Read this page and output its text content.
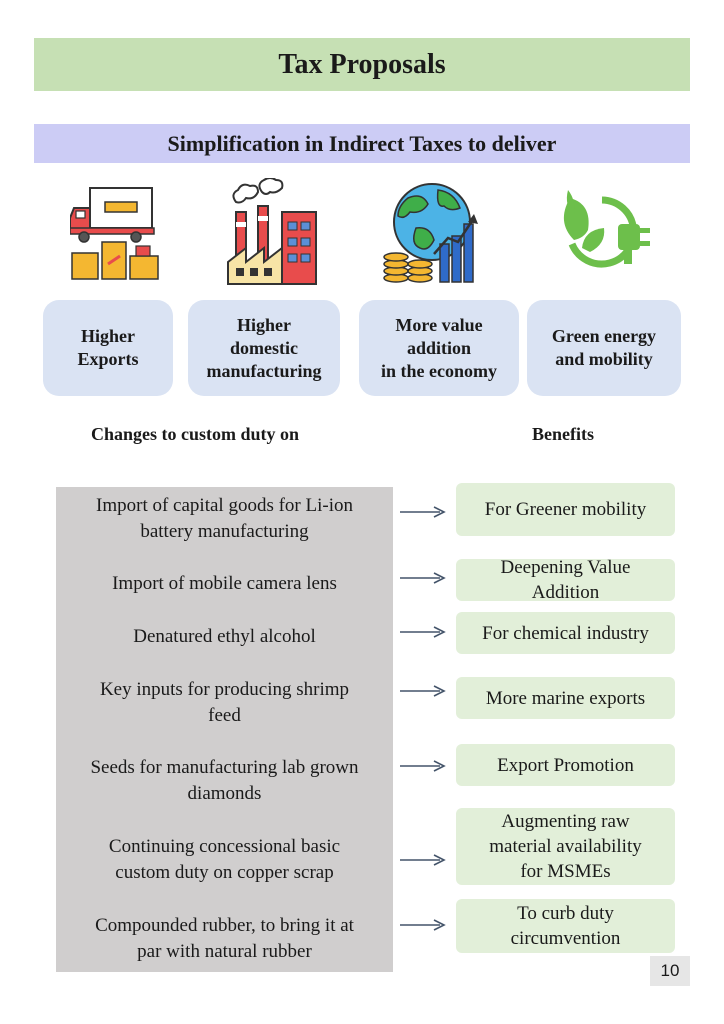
Tax Proposals
Simplification in Indirect Taxes to deliver
Higher
Exports
Higher
domestic
manufacturing
More value
addition
in the economy
Green energy
and mobility
Changes to custom duty on	Benefits
Import of capital goods for Li-ion
battery manufacturing
For Greener mobility
Import of mobile camera lens
Deepening Value
Addition
Denatured ethyl alcohol	For chemical industry
Key inputs for producing shrimp
feed
More marine exports
Seeds for manufacturing lab grown
diamonds
Export Promotion
Continuing concessional basic
custom duty on copper scrap
Augmenting raw
material availability
for MSMEs
Compounded rubber, to bring it at
par with natural rubber
To curb duty
circumvention
10
